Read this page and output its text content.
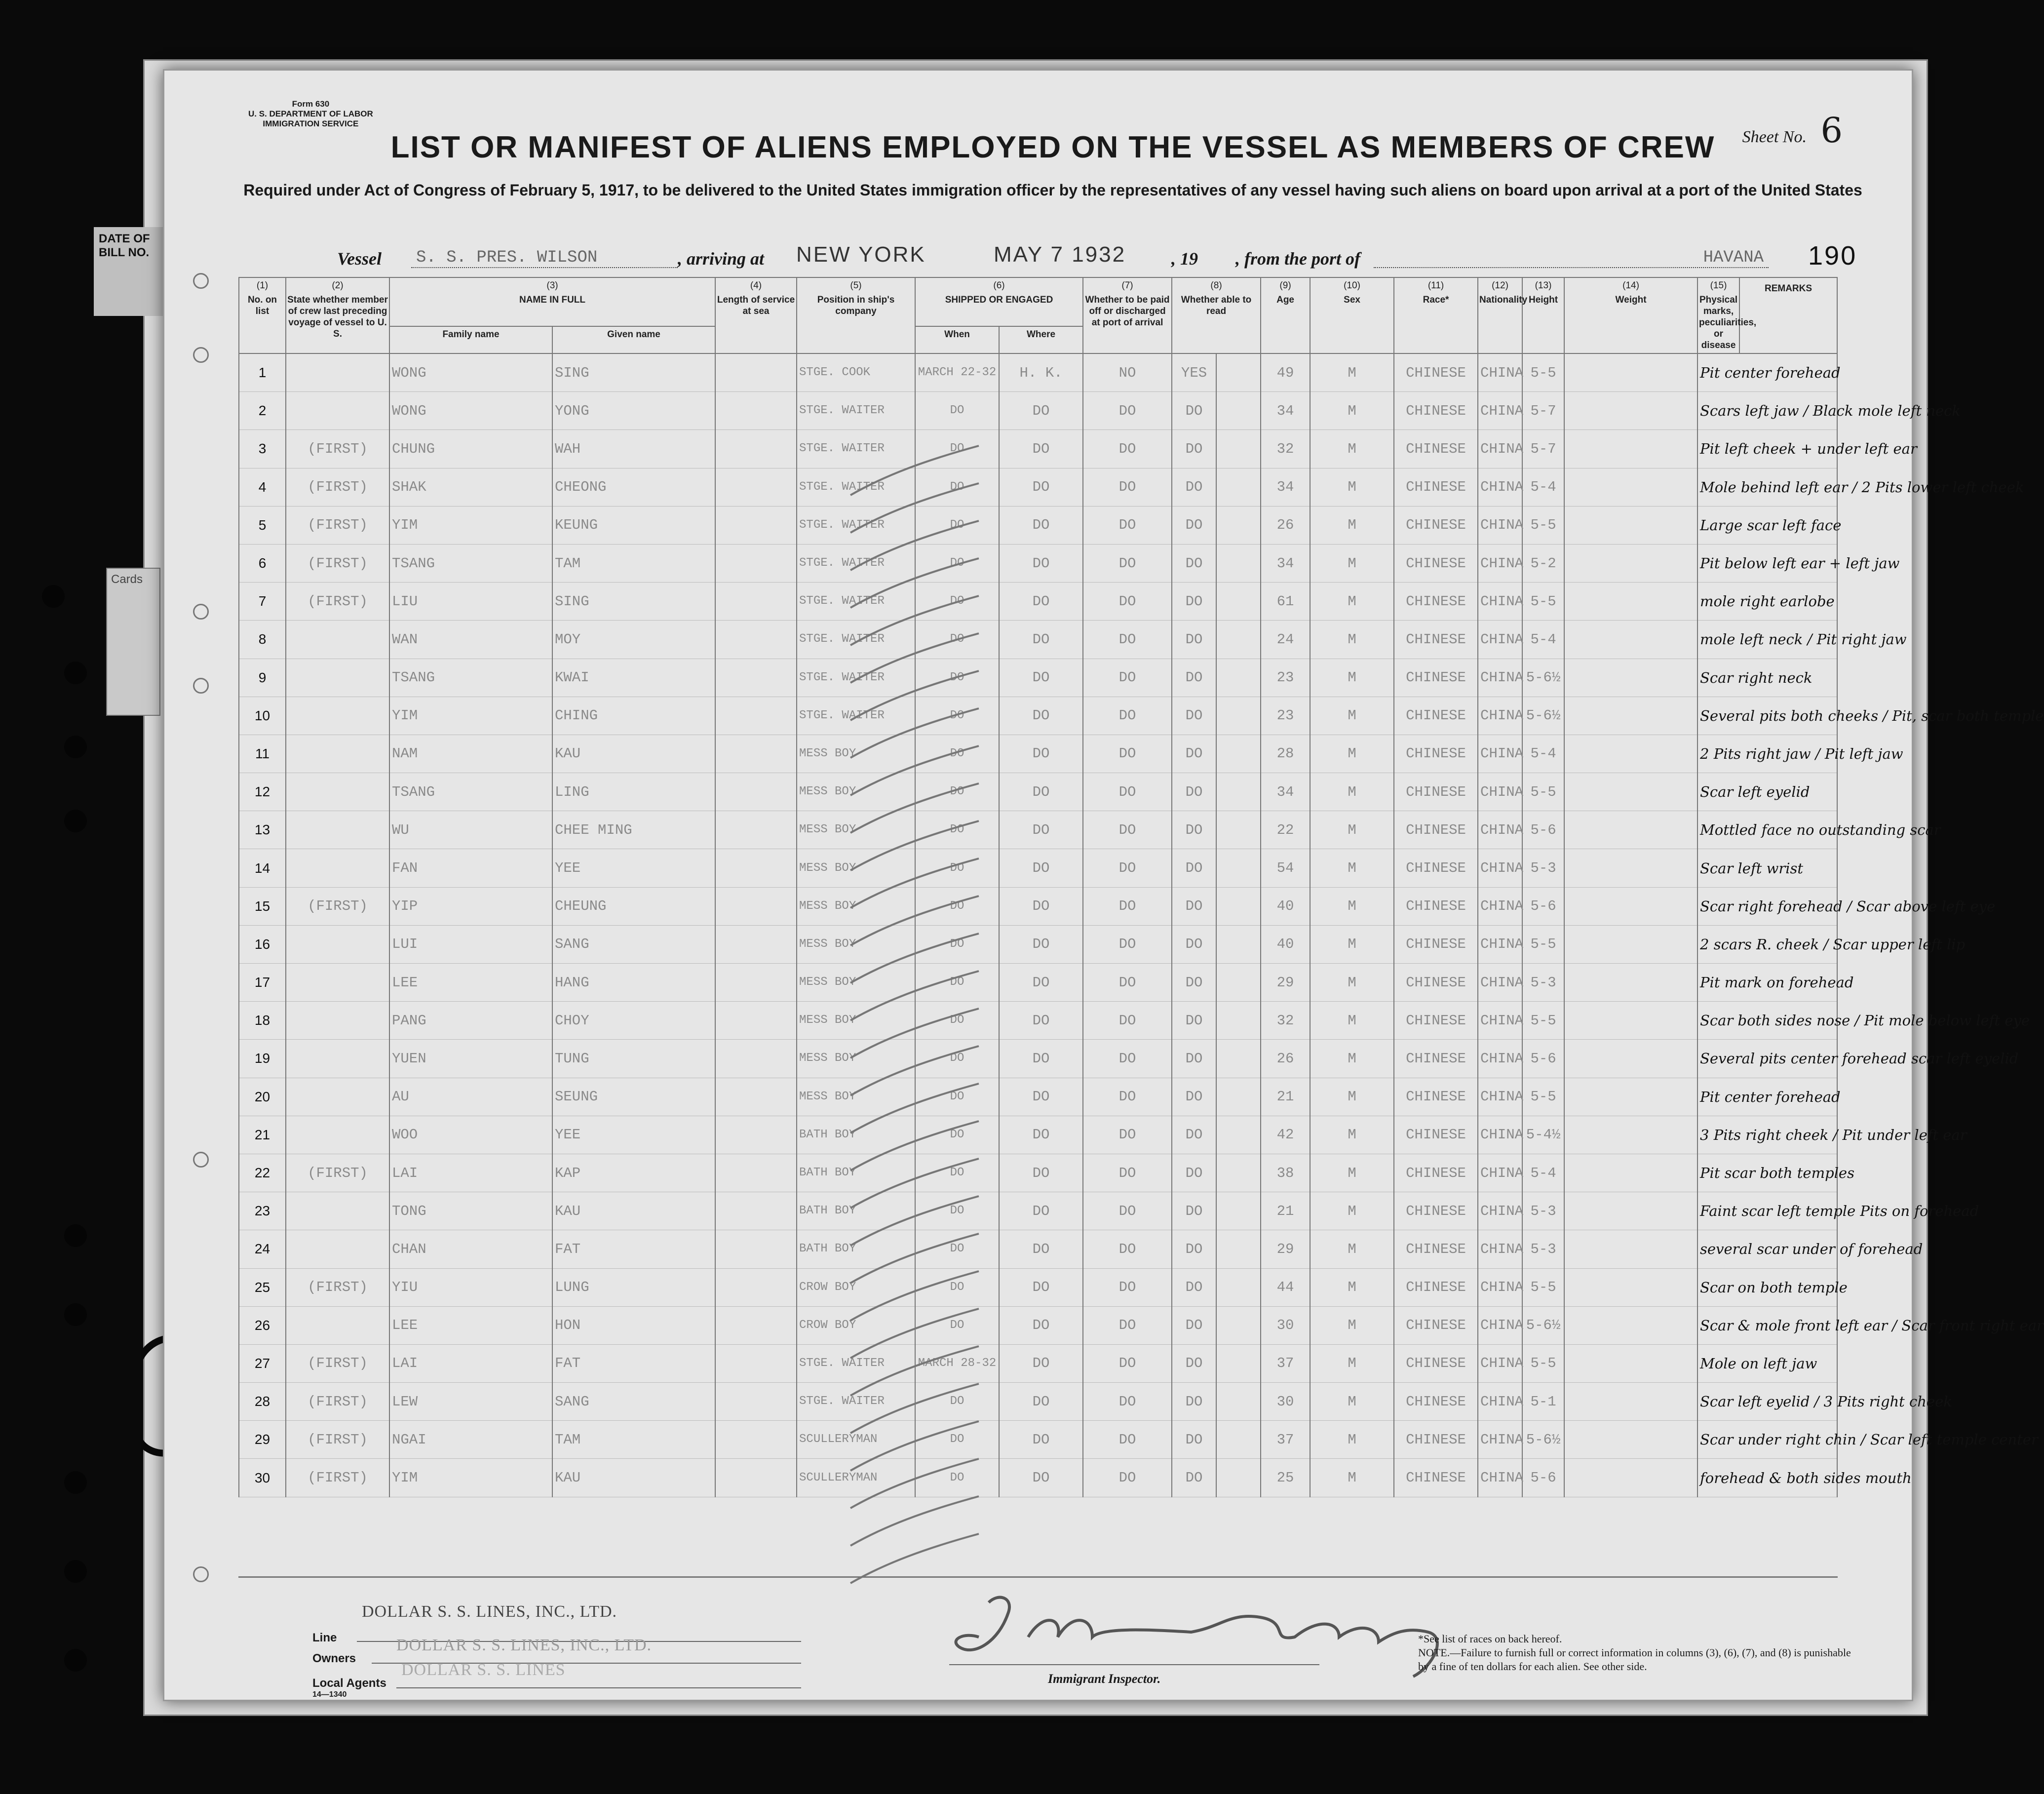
DATE OF
BILL NO.
Cards
Form 630
U. S. DEPARTMENT OF LABOR
IMMIGRATION SERVICE
LIST OR MANIFEST OF ALIENS EMPLOYED ON THE VESSEL AS MEMBERS OF CREW	Sheet No. 6
Required under Act of Congress of February 5, 1917, to be delivered to the United States immigration officer by the representatives of any vessel having such aliens on board upon arrival at a port of the United States
Vessel S. S. PRES. WILSON	, arriving at NEW YORK	MAY 7 1932	, 19 , from the port of	HAVANA 190
(1)
No. on list	(2)
State whether member of crew last preceding voyage of vessel to U. S.	(3)
NAME IN FULL		(4)
Length of service at sea	(5)
Position in ship's company	(6)
SHIPPED OR ENGAGED		(7)
Whether to be paid off or discharged at port of arrival	(8)
Whether able to read		(9)
Age	(10)
Sex	(11)
Race*	(12)
Nationality	(13)
Height	(14)
Weight	(15)
Physical marks, peculiarities, or disease	REMARKS
		Family name	Given name			When	Where											
1		WONG	SING		STGE. COOK	MARCH 22-32	H. K.	NO	YES		49	M	CHINESE	CHINA	5-5		Pit center forehead	
2		WONG	YONG		STGE. WAITER	DO	DO	DO	DO		34	M	CHINESE	CHINA	5-7		Scars left jaw / Black mole left neck	
3	(FIRST)	CHUNG	WAH		STGE. WAITER	DO	DO	DO	DO		32	M	CHINESE	CHINA	5-7		Pit left cheek + under left ear	
4	(FIRST)	SHAK	CHEONG		STGE. WAITER	DO	DO	DO	DO		34	M	CHINESE	CHINA	5-4		Mole behind left ear / 2 Pits lower left cheek	
5	(FIRST)	YIM	KEUNG		STGE. WAITER	DO	DO	DO	DO		26	M	CHINESE	CHINA	5-5		Large scar left face	
6	(FIRST)	TSANG	TAM		STGE. WAITER	DO	DO	DO	DO		34	M	CHINESE	CHINA	5-2		Pit below left ear + left jaw	
7	(FIRST)	LIU	SING		STGE. WAITER	DO	DO	DO	DO		61	M	CHINESE	CHINA	5-5		mole right earlobe	
8		WAN	MOY		STGE. WAITER	DO	DO	DO	DO		24	M	CHINESE	CHINA	5-4		mole left neck / Pit right jaw	
9		TSANG	KWAI		STGE. WAITER	DO	DO	DO	DO		23	M	CHINESE	CHINA	5-6½		Scar right neck	
10		YIM	CHING		STGE. WAITER	DO	DO	DO	DO		23	M	CHINESE	CHINA	5-6½		Several pits both cheeks / Pit, scar both temple	
11		NAM	KAU		MESS BOY	DO	DO	DO	DO		28	M	CHINESE	CHINA	5-4		2 Pits right jaw / Pit left jaw	
12		TSANG	LING		MESS BOY	DO	DO	DO	DO		34	M	CHINESE	CHINA	5-5		Scar left eyelid	
13		WU	CHEE MING		MESS BOY	DO	DO	DO	DO		22	M	CHINESE	CHINA	5-6		Mottled face no outstanding scar	
14		FAN	YEE		MESS BOY	DO	DO	DO	DO		54	M	CHINESE	CHINA	5-3		Scar left wrist	
15	(FIRST)	YIP	CHEUNG		MESS BOY	DO	DO	DO	DO		40	M	CHINESE	CHINA	5-6		Scar right forehead / Scar above left eye	
16		LUI	SANG		MESS BOY	DO	DO	DO	DO		40	M	CHINESE	CHINA	5-5		2 scars R. cheek / Scar upper left lip	
17		LEE	HANG		MESS BOY	DO	DO	DO	DO		29	M	CHINESE	CHINA	5-3		Pit mark on forehead	
18		PANG	CHOY		MESS BOY	DO	DO	DO	DO		32	M	CHINESE	CHINA	5-5		Scar both sides nose / Pit mole below left eye	
19		YUEN	TUNG		MESS BOY	DO	DO	DO	DO		26	M	CHINESE	CHINA	5-6		Several pits center forehead scar left eyelid	
20		AU	SEUNG		MESS BOY	DO	DO	DO	DO		21	M	CHINESE	CHINA	5-5		Pit center forehead	
21		WOO	YEE		BATH BOY	DO	DO	DO	DO		42	M	CHINESE	CHINA	5-4½		3 Pits right cheek / Pit under left ear	
22	(FIRST)	LAI	KAP		BATH BOY	DO	DO	DO	DO		38	M	CHINESE	CHINA	5-4		Pit scar both temples	
23		TONG	KAU		BATH BOY	DO	DO	DO	DO		21	M	CHINESE	CHINA	5-3		Faint scar left temple Pits on forehead	
24		CHAN	FAT		BATH BOY	DO	DO	DO	DO		29	M	CHINESE	CHINA	5-3		several scar under of forehead	
25	(FIRST)	YIU	LUNG		CROW BOY	DO	DO	DO	DO		44	M	CHINESE	CHINA	5-5		Scar on both temple	
26		LEE	HON		CROW BOY	DO	DO	DO	DO		30	M	CHINESE	CHINA	5-6½		Scar & mole front left ear / Scar front right ear	
27	(FIRST)	LAI	FAT		STGE. WAITER	MARCH 28-32	DO	DO	DO		37	M	CHINESE	CHINA	5-5		Mole on left jaw	
28	(FIRST)	LEW	SANG		STGE. WAITER	DO	DO	DO	DO		30	M	CHINESE	CHINA	5-1		Scar left eyelid / 3 Pits right cheek	
29	(FIRST)	NGAI	TAM		SCULLERYMAN	DO	DO	DO	DO		37	M	CHINESE	CHINA	5-6½		Scar under right chin / Scar left temple center	
30	(FIRST)	YIM	KAU		SCULLERYMAN	DO	DO	DO	DO		25	M	CHINESE	CHINA	5-6		forehead & both sides mouth	
DOLLAR S. S. LINES, INC., LTD.
Line
Owners
DOLLAR S. S. LINES, INC., LTD.
Local Agents
DOLLAR S. S. LINES
14—1340
Immigrant Inspector.
*See list of races on back hereof.
NOTE.—Failure to furnish full or correct information in columns (3), (6), (7), and (8) is punishable by a fine of ten dollars for each alien. See other side.
